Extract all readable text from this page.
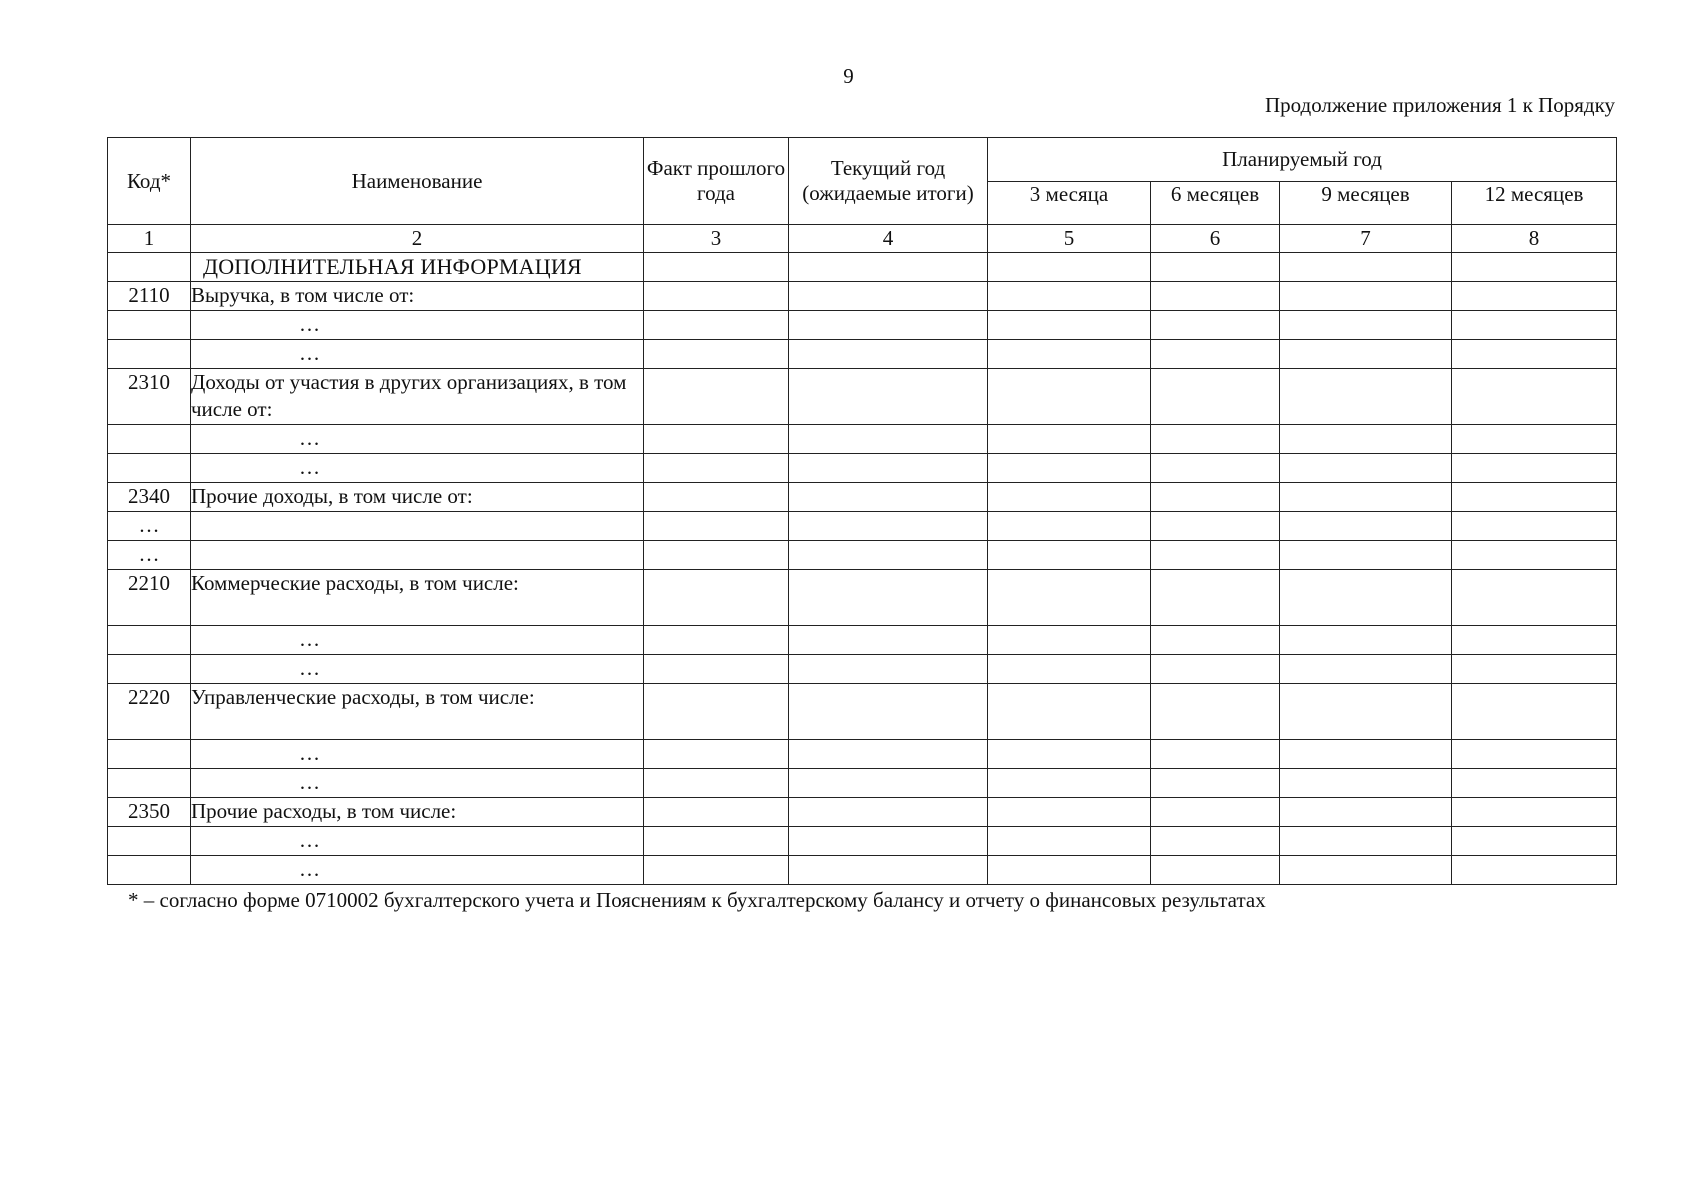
9
Продолжение приложения 1 к Порядку
Код*	Наименование	Факт прошлого года	Текущий год (ожидаемые итоги)	Планируемый год			
				3 месяца	6 месяцев	9 месяцев	12 месяцев
1	2	3	4	5	6	7	8
	ДОПОЛНИТЕЛЬНАЯ ИНФОРМАЦИЯ						
2110	Выручка, в том числе от:						
	…						
	…						
2310	Доходы от участия в других организациях, в том числе от:						
	…						
	…						
2340	Прочие доходы, в том числе от:						
…							
…							
2210	Коммерческие расходы, в том числе:						
	…						
	…						
2220	Управленческие расходы, в том числе:						
	…						
	…						
2350	Прочие расходы, в том числе:						
	…						
	…						
* – согласно форме 0710002 бухгалтерского учета и Пояснениям к бухгалтерскому балансу и отчету о финансовых результатах
